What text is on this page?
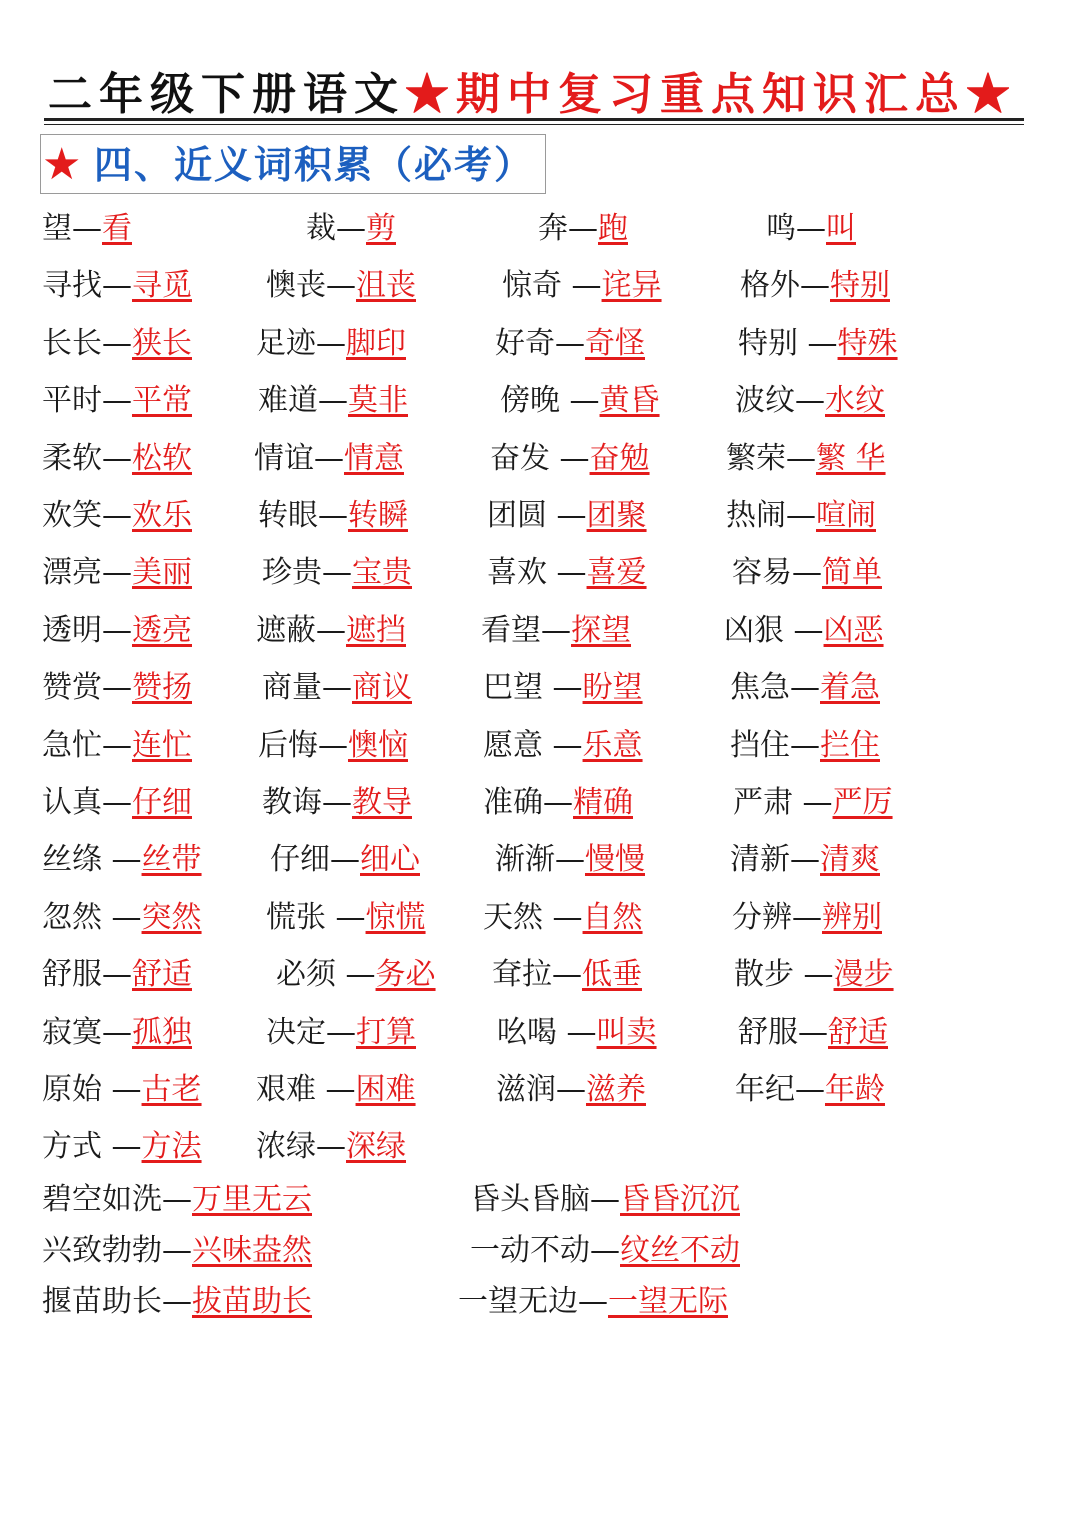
二年级下册语文★期中复习重点知识汇总★
★ 四、近义词积累（必考）
望—看	裁—剪	奔—跑	鸣—叫
寻找—寻觅 懊丧—沮丧	惊奇 —诧异	格外—特别
长长—狭长 足迹—脚印	好奇—奇怪	特别 —特殊
平时—平常 难道—莫非	傍晚 —黄昏	波纹—水纹
柔软—松软 情谊—情意	奋发 —奋勉	繁荣—繁 华
欢笑—欢乐 转眼—转瞬	团圆 —团聚	热闹—喧闹
漂亮—美丽 珍贵—宝贵	喜欢 —喜爱	容易—简单
透明—透亮 遮蔽—遮挡	看望—探望	凶狠 —凶恶
赞赏—赞扬 商量—商议 巴望 —盼望	焦急—着急
急忙—连忙 后悔—懊恼	愿意 —乐意	挡住—拦住
认真—仔细 教诲—教导 准确—精确	严肃 —严厉
丝绦 —丝带 仔细—细心	渐渐—慢慢	清新—清爽
忽然 —突然 慌张 —惊慌 天然 —自然	分辨—辨别
舒服—舒适	必须 —务必 耷拉—低垂	散步 —漫步
寂寞—孤独 决定—打算	吆喝 —叫卖	舒服—舒适
原始 —古老 艰难 —困难	滋润—滋养	年纪—年龄
方式 —方法 浓绿—深绿
碧空如洗—万里无云	昏头昏脑—昏昏沉沉
兴致勃勃—兴味盎然	一动不动—纹丝不动
揠苗助长—拔苗助长	一望无边—一望无际
